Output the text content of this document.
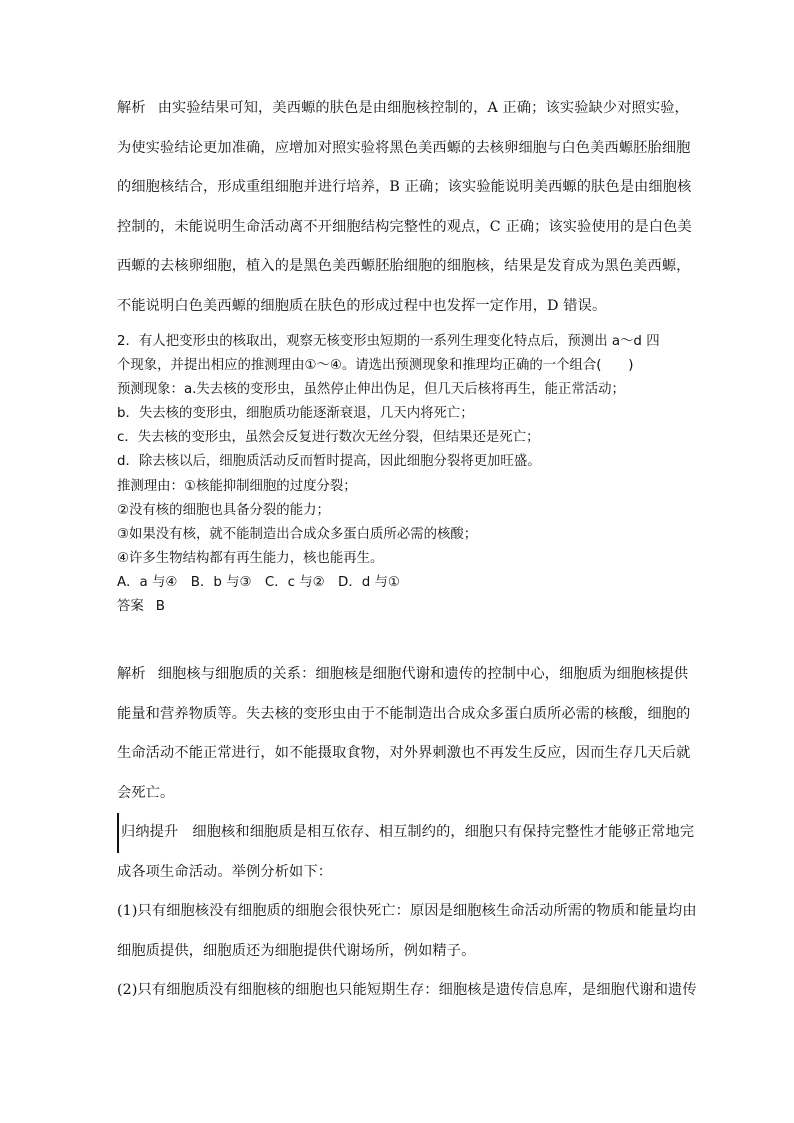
解析 由实验结果可知，美西螈的肤色是由细胞核控制的，A 正确；该实验缺少对照实验，

为使实验结论更加准确，应增加对照实验将黑色美西螈的去核卵细胞与白色美西螈胚胎细胞

的细胞核结合，形成重组细胞并进行培养，B 正确；该实验能说明美西螈的肤色是由细胞核

控制的，未能说明生命活动离不开细胞结构完整性的观点，C 正确；该实验使用的是白色美

西螈的去核卵细胞，植入的是黑色美西螈胚胎细胞的细胞核，结果是发育成为黑色美西螈，

不能说明白色美西螈的细胞质在肤色的形成过程中也发挥一定作用，D 错误。

2．有人把变形虫的核取出，观察无核变形虫短期的一系列生理变化特点后，预测出 a～d 四

个现象，并提出相应的推测理由①～④。请选出预测现象和推理均正确的一个组合(　　)

预测现象：a.失去核的变形虫，虽然停止伸出伪足，但几天后核将再生，能正常活动；

b．失去核的变形虫，细胞质功能逐渐衰退，几天内将死亡；

c．失去核的变形虫，虽然会反复进行数次无丝分裂，但结果还是死亡；

d．除去核以后，细胞质活动反而暂时提高，因此细胞分裂将更加旺盛。

推测理由：①核能抑制细胞的过度分裂；

②没有核的细胞也具备分裂的能力；

③如果没有核，就不能制造出合成众多蛋白质所必需的核酸；

④许多生物结构都有再生能力，核也能再生。

A．a 与④　B．b 与③　C．c 与②　D．d 与①

答案 B

解析 细胞核与细胞质的关系：细胞核是细胞代谢和遗传的控制中心，细胞质为细胞核提供

能量和营养物质等。失去核的变形虫由于不能制造出合成众多蛋白质所必需的核酸，细胞的

生命活动不能正常进行，如不能摄取食物，对外界刺激也不再发生反应，因而生存几天后就

会死亡。

归纳提升 细胞核和细胞质是相互依存、相互制约的，细胞只有保持完整性才能够正常地完

成各项生命活动。举例分析如下：

(1)只有细胞核没有细胞质的细胞会很快死亡：原因是细胞核生命活动所需的物质和能量均由

细胞质提供，细胞质还为细胞提供代谢场所，例如精子。

(2)只有细胞质没有细胞核的细胞也只能短期生存：细胞核是遗传信息库，是细胞代谢和遗传
